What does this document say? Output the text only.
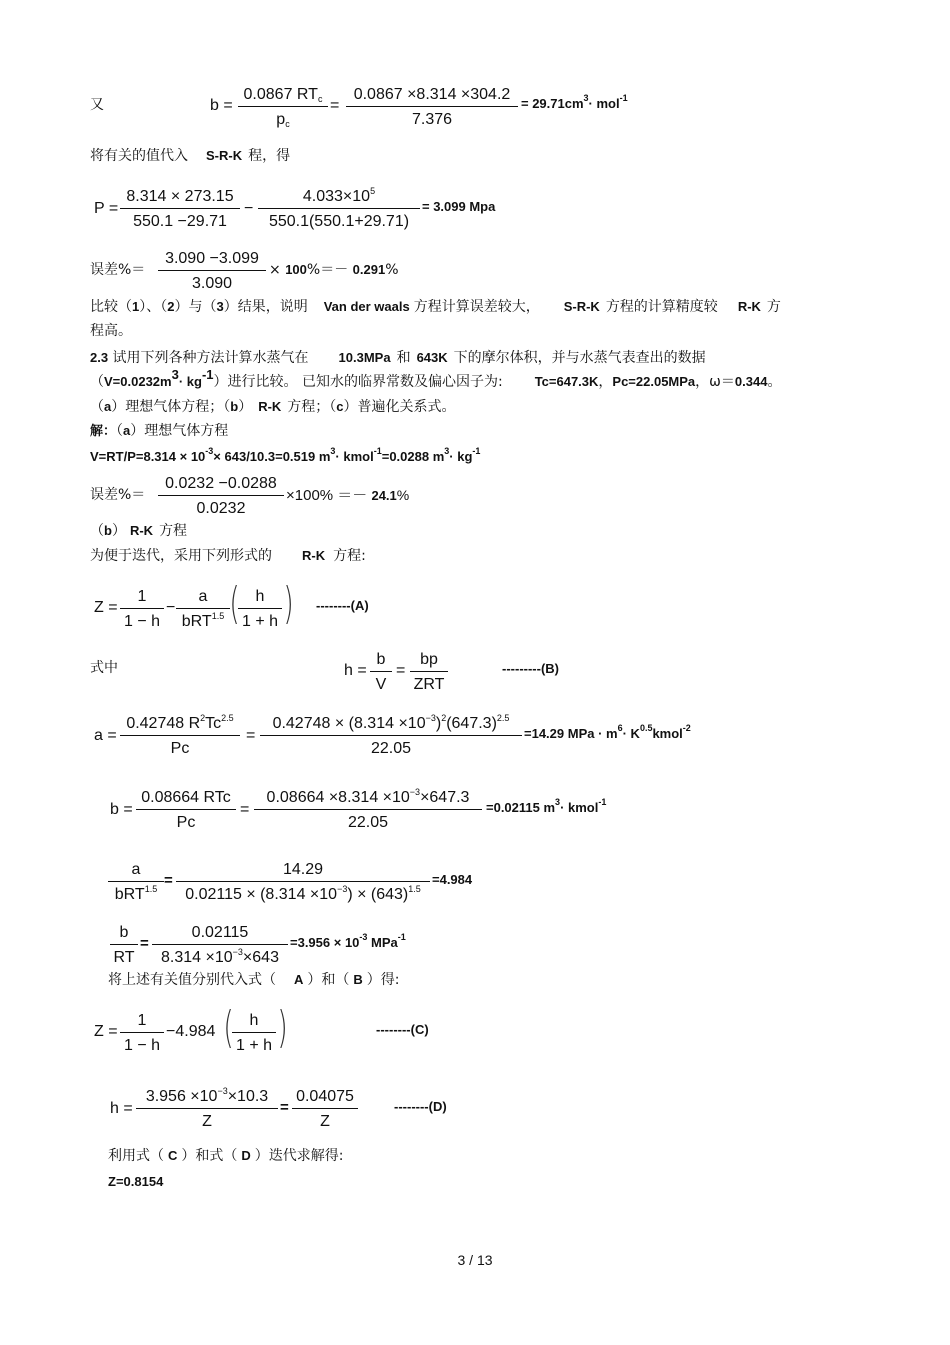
又	b =
0.0867 $RT_c$
$p_c$
= $\frac{0.0867 \times 8.314 \times 304.2}{7.376} = 29.71cm^3\cdot mol^{-1}$
将有关的值代入 S-R-K 程，得
$P = \frac{8.314 \times 273.15}{550.1 -29.71} - \frac{4.033\times 10^5}{550.1(550.1+29.71)} = 3.099$ Mpa
误差%＝ $\frac{3.090 -3.099}{3.090} \times 100\%=- 0.291\%$
比较（1）、（2）与（3）结果，说明 Van der waals 方程计算误差较大， S-R-K 方程的计算精度较 R-K 方
程高。
2.3 试用下列各种方法计算水蒸气在 10.3MPa 和 643K 下的摩尔体积，并与水蒸气表查出的数据
$(V=0.0232m^3\cdot kg^{-1})$进行比较。 已知水的临界常数及偏心因子为: Tc=647.3K，Pc=22.05MPa，ω＝0.344。
（a）理想气体方程；（b） R-K 方程；（c）普遍化关系式。
解：（a）理想气体方程
$V=RT/P=8.314 \times 10^{-3}\times 643/10.3=0.519$ $m^3\cdot$ kmol$^{-1}$=0.0288 $m^3\cdot kg^{-1}$
误差%＝ $\frac{0.0232 -0.0288}{0.0232} \times 100\% =- 24.1\%$
（b） R-K 方程
为便于迭代，采用下列形式的 R-K 方程:
$Z = \frac{1}{1 - h}$ −
a
bRT$^{1.5}$ (
$\frac{h}{1 + h}$ ) --------(A)
式中	$h = \frac{b}{V}$ =
bp
ZRT
---------(B)
$a = \frac{0.42748 R^2Tc^{2.5}}{Pc} = \frac{0.42748 \times (8.314 \times 10^{-3})^2(647.3)^{2.5}}{22.05} =14.29$ MPa · $m^6\cdot$ $K^{0.5}kmol^{-2}$
b =
0.08664 RTc
Pc
= $\frac{0.08664 \times 8.314 \times 10^{-3}\times 647.3}{22.05} =0.02115$ $m^3\cdot$ kmol$^{-1}$
a
$bRT^{1.5} = \frac{14.29}{0.02115 \times (8.314 \times 10^{-3}) \times (643)^{1.5}} =4.984$
$\frac{b}{RT} = \frac{0.02115}{8.314 \times 10^{-3}\times 643} =3.956 \times 10^{-3}$ MPa$^{-1}$
将上述有关值分别代入式（ A ）和（ B ）得:
$Z = \frac{1}{1 - h} -4.984$ (
$\frac{h}{1 + h}$ )	--------(C)
$h = \frac{3.956 \times 10^{-3}\times 10.3}{Z} = \frac{0.04075}{Z}$	--------(D)
利用式（ C ）和式（ D ）迭代求解得:
Z=0.8154
3 / 13
